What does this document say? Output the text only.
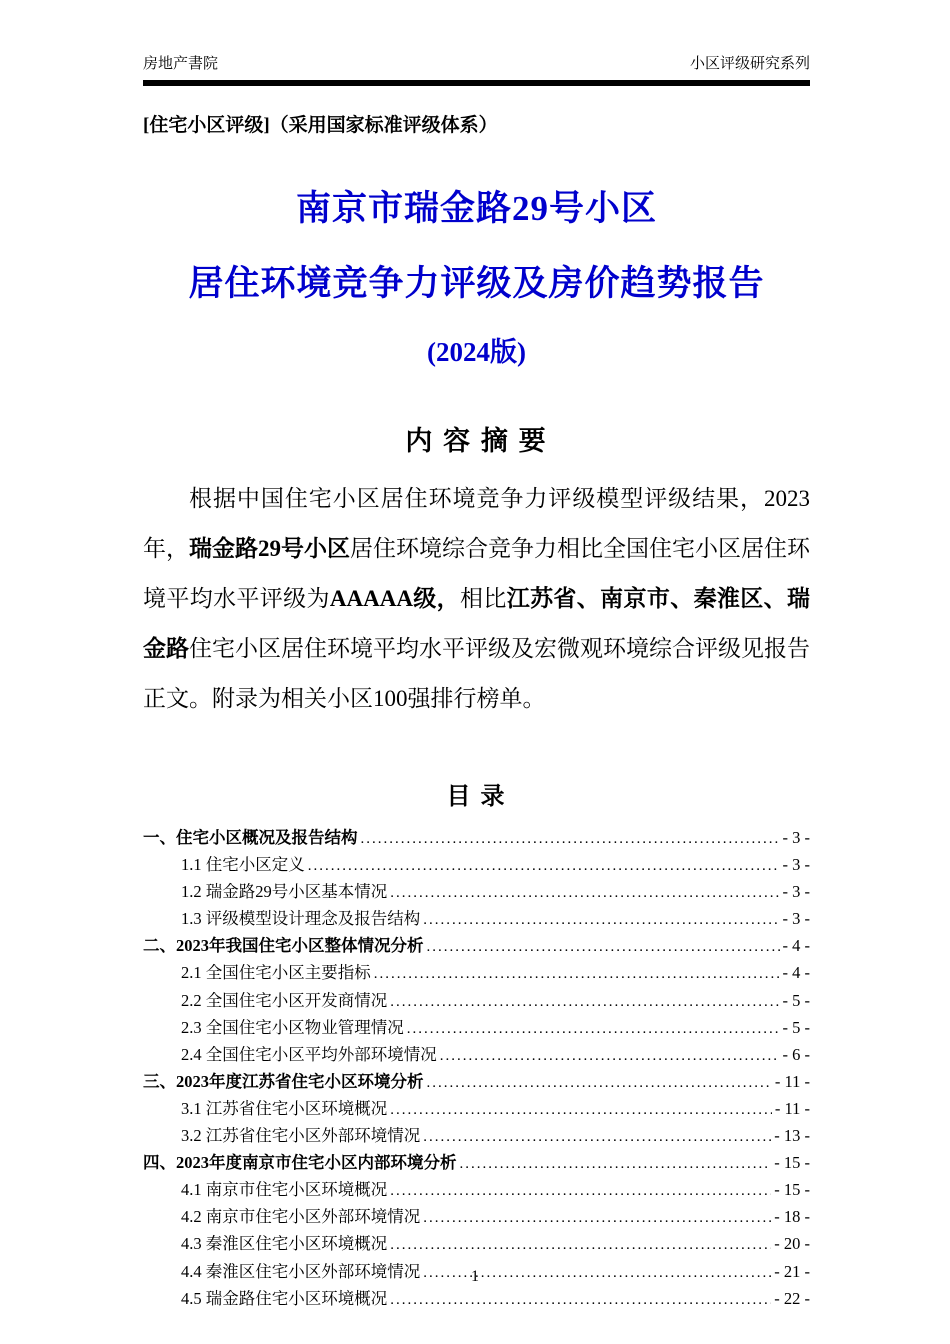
房地产書院	小区评级研究系列
[住宅小区评级]（采用国家标准评级体系）
南京市瑞金路29号小区
居住环境竞争力评级及房价趋势报告
(2024版)
内 容 摘 要

根据中国住宅小区居住环境竞争力评级模型评级结果，2023年，瑞金路29号小区居住环境综合竞争力相比全国住宅小区居住环境平均水平评级为AAAAA级，相比江苏省、南京市、秦淮区、瑞金路住宅小区居住环境平均水平评级及宏微观环境综合评级见报告正文。附录为相关小区100强排行榜单。

目 录
一、住宅小区概况及报告结构 .....	- 3 -
1.1 住宅小区定义 .....	- 3 -
1.2 瑞金路29号小区基本情况 .....	- 3 -
1.3 评级模型设计理念及报告结构 .....	- 3 -
二、2023年我国住宅小区整体情况分析 .....	- 4 -
2.1 全国住宅小区主要指标 .....	- 4 -
2.2 全国住宅小区开发商情况 .....	- 5 -
2.3 全国住宅小区物业管理情况 .....	- 5 -
2.4 全国住宅小区平均外部环境情况 .....	- 6 -
三、2023年度江苏省住宅小区环境分析 .....	- 11 -
3.1 江苏省住宅小区环境概况 .....	- 11 -
3.2 江苏省住宅小区外部环境情况 .....	- 13 -
四、2023年度南京市住宅小区内部环境分析 .....	- 15 -
4.1 南京市住宅小区环境概况 .....	- 15 -
4.2 南京市住宅小区外部环境情况 .....	- 18 -
4.3 秦淮区住宅小区环境概况 .....	- 20 -
4.4 秦淮区住宅小区外部环境情况 .....	- 21 -
4.5 瑞金路住宅小区环境概况 .....	- 22 -
1
